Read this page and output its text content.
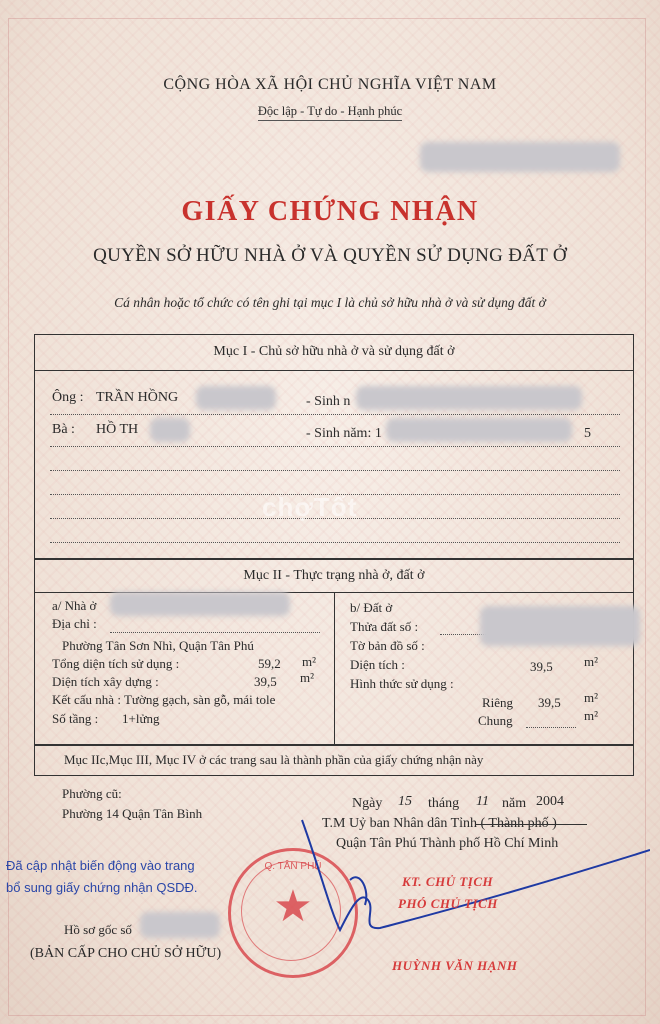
CỘNG HÒA XÃ HỘI CHỦ NGHĨA VIỆT NAM
Độc lập - Tự do - Hạnh phúc
GIẤY CHỨNG NHẬN
QUYỀN SỞ HỮU NHÀ Ở VÀ QUYỀN SỬ DỤNG ĐẤT Ở
Cá nhân hoặc tổ chức có tên ghi tại mục I là chủ sở hữu nhà ở và sử dụng đất ở
Mục I - Chủ sở hữu nhà ở và sử dụng đất ở
Ông : TRẦN HỒNG	- Sinh n
Bà : HỒ TH	- Sinh năm: 1	5
chợTốt
Mục II - Thực trạng nhà ở, đất ở
a/ Nhà ở
Địa chỉ :
Phường Tân Sơn Nhì, Quận Tân Phú
Tổng diện tích sử dụng :	59,2 m²
Diện tích xây dựng :	39,5 m²
Kết cấu nhà : Tường gạch, sàn gỗ, mái tole
Số tầng : 1+lửng
b/ Đất ở
Thửa đất số :
Tờ bản đồ số :
Diện tích :	39,5 m²
Hình thức sử dụng :
Riêng 39,5 m²
Chung	m²
Mục IIc,Mục III, Mục IV ở các trang sau là thành phần của giấy chứng nhận này
Phường cũ:
Phường 14 Quận Tân Bình
Ngày 15 tháng 11 năm 2004
T.M Uỷ ban Nhân dân Tỉnh ( Thành phố )
Quận Tân Phú Thành phố Hồ Chí Minh
Đã cập nhật biến động vào trang
bổ sung giấy chứng nhận QSDĐ.
Hồ sơ gốc số
(BẢN CẤP CHO CHỦ SỞ HỮU)
Q. TÂN PHÚ
★
KT. CHỦ TỊCH
PHÓ CHỦ TỊCH
HUỲNH VĂN HẠNH
